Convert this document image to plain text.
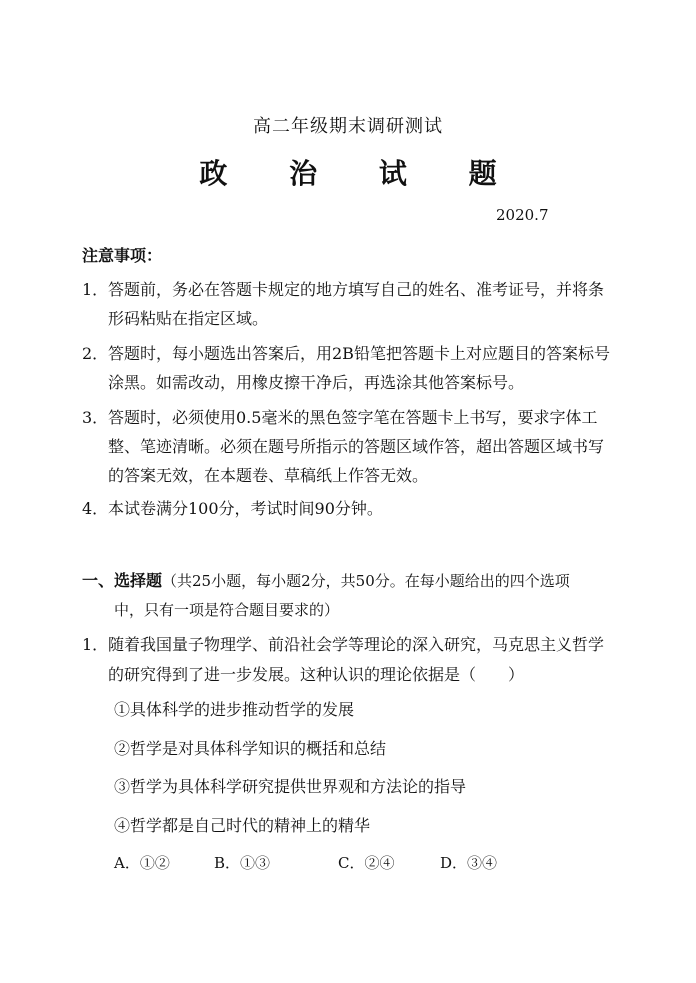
高二年级期末调研测试
政 治 试 题
2020.7
注意事项：
1． 答题前，务必在答题卡规定的地方填写自己的姓名、准考证号，并将条形码粘贴在指定区域。
2． 答题时，每小题选出答案后，用2B铅笔把答题卡上对应题目的答案标号涂黑。如需改动，用橡皮擦干净后，再选涂其他答案标号。
3． 答题时，必须使用0.5毫米的黑色签字笔在答题卡上书写，要求字体工整、笔迹清晰。必须在题号所指示的答题区域作答，超出答题区域书写的答案无效，在本题卷、草稿纸上作答无效。
4． 本试卷满分100分，考试时间90分钟。
一、选择题（共25小题，每小题2分，共50分。在每小题给出的四个选项
中，只有一项是符合题目要求的）
1． 随着我国量子物理学、前沿社会学等理论的深入研究，马克思主义哲学的研究得到了进一步发展。这种认识的理论依据是（　　）
①具体科学的进步推动哲学的发展
②哲学是对具体科学知识的概括和总结
③哲学为具体科学研究提供世界观和方法论的指导
④哲学都是自己时代的精神上的精华
A．①②	B．①③	C．②④	D．③④
